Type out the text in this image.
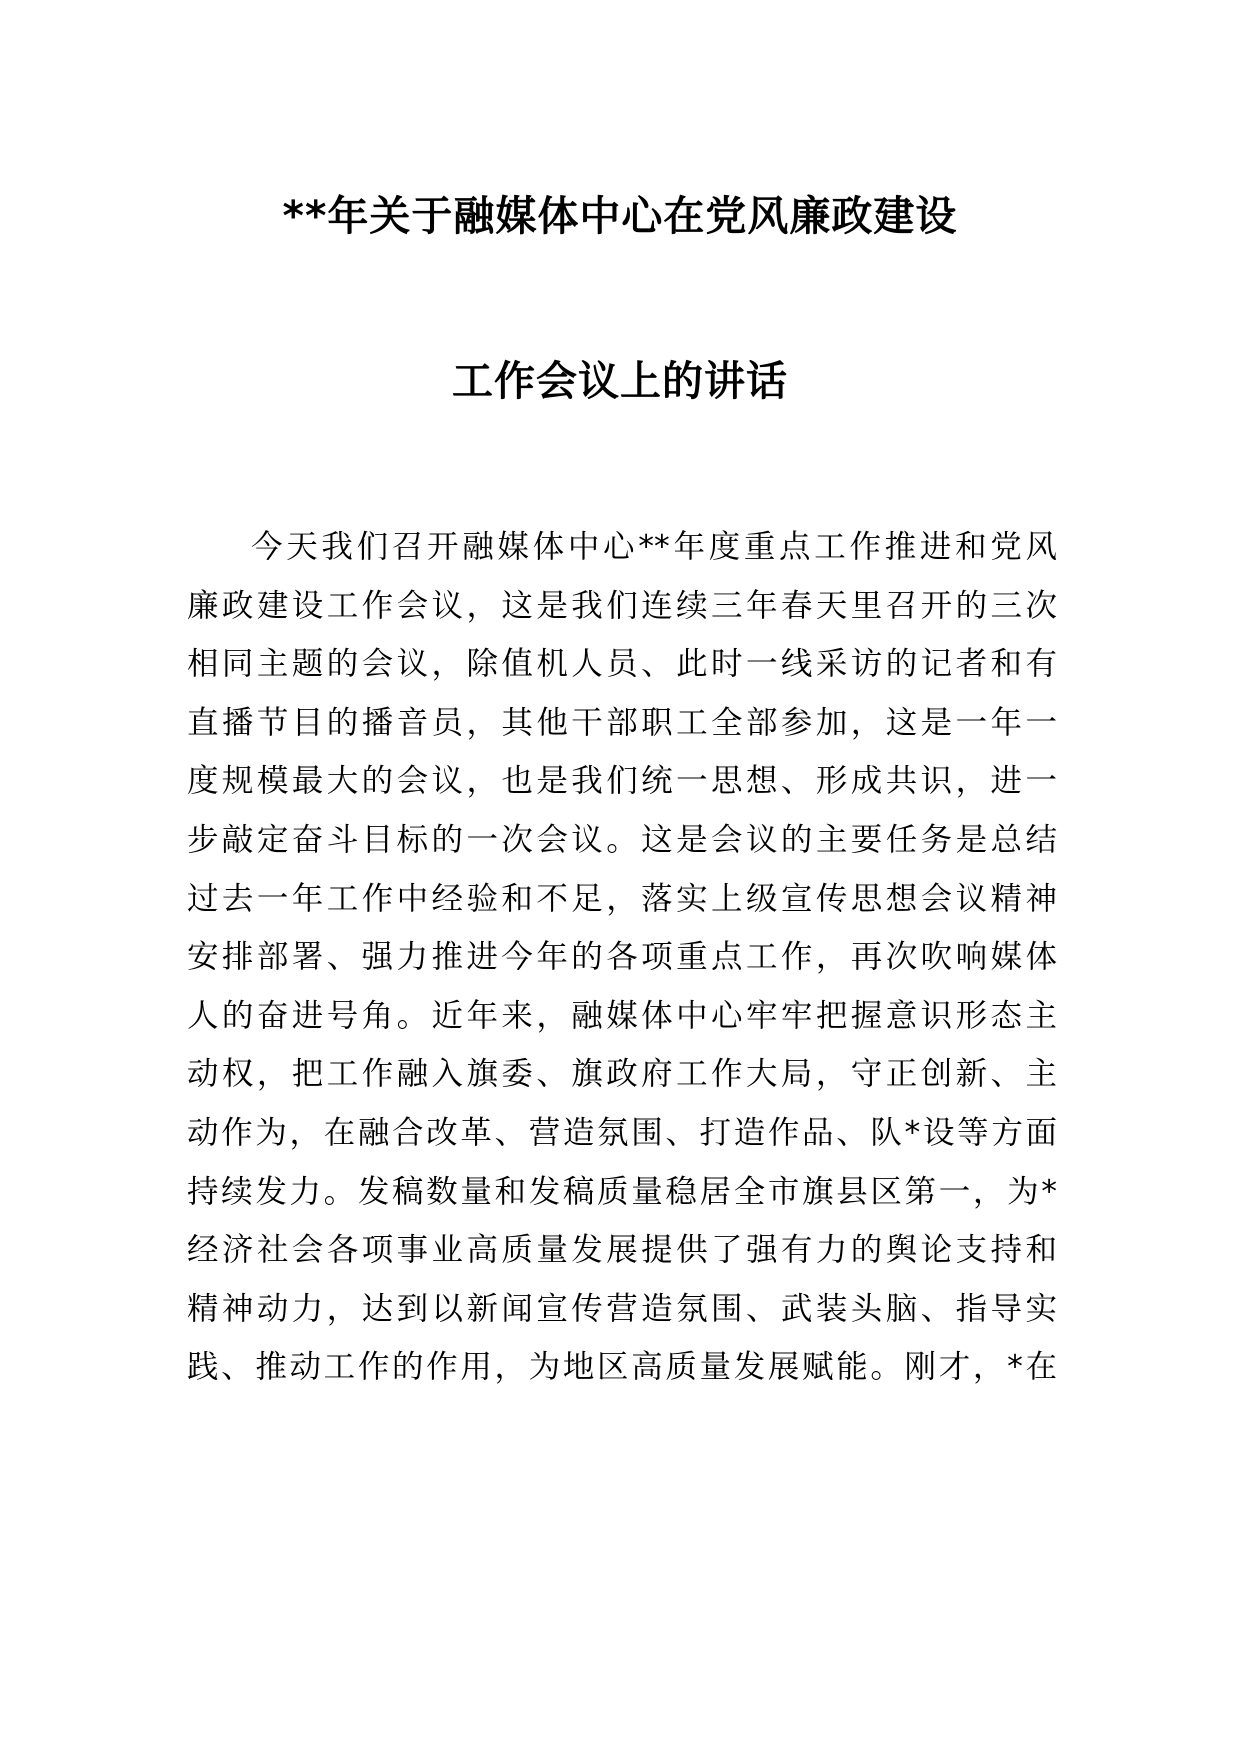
**年关于融媒体中心在党风廉政建设
工作会议上的讲话
今天我们召开融媒体中心**年度重点工作推进和党风
廉政建设工作会议，这是我们连续三年春天里召开的三次
相同主题的会议，除值机人员、此时一线采访的记者和有
直播节目的播音员，其他干部职工全部参加，这是一年一
度规模最大的会议，也是我们统一思想、形成共识，进一
步敲定奋斗目标的一次会议。这是会议的主要任务是总结
过去一年工作中经验和不足，落实上级宣传思想会议精神
安排部署、强力推进今年的各项重点工作，再次吹响媒体
人的奋进号角。近年来，融媒体中心牢牢把握意识形态主
动权，把工作融入旗委、旗政府工作大局，守正创新、主
动作为，在融合改革、营造氛围、打造作品、队*设等方面
持续发力。发稿数量和发稿质量稳居全市旗县区第一，为*
经济社会各项事业高质量发展提供了强有力的舆论支持和
精神动力，达到以新闻宣传营造氛围、武装头脑、指导实
践、推动工作的作用，为地区高质量发展赋能。刚才，*在
